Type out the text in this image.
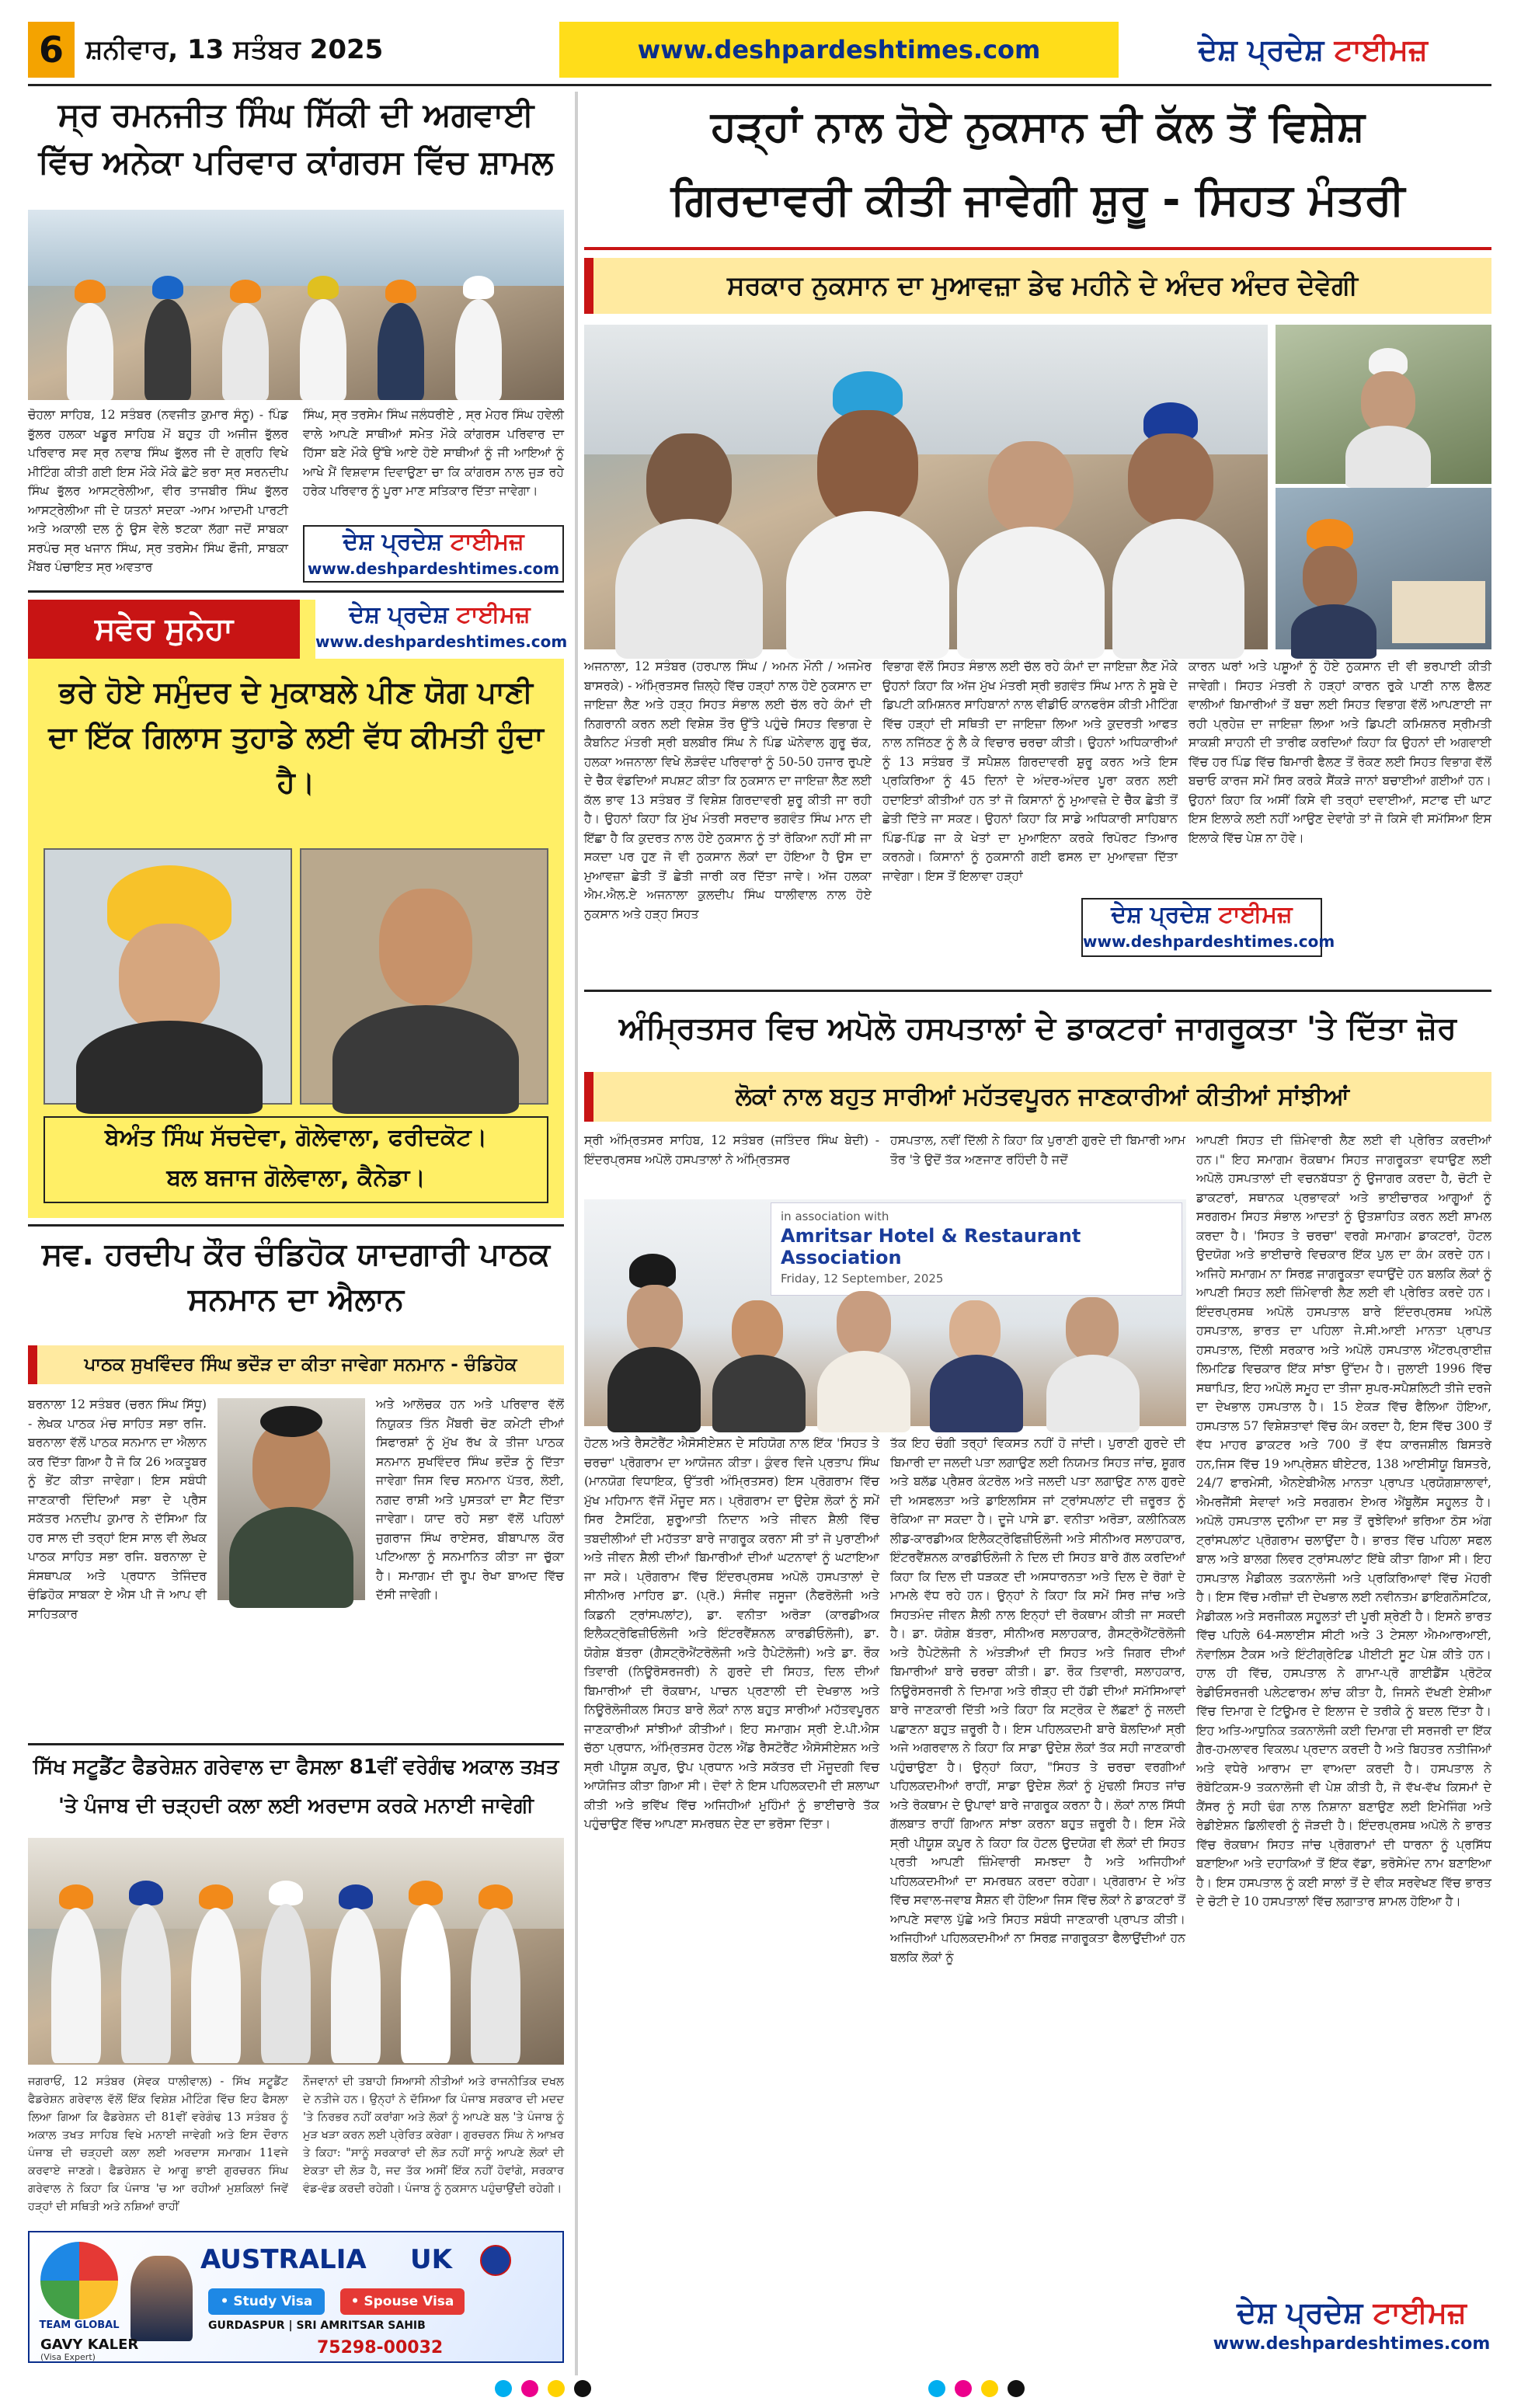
6 ਸ਼ਨੀਵਾਰ, 13 ਸਤੰਬਰ 2025	www.deshpardeshtimes.com	ਦੇਸ਼ ਪ੍ਰਦੇਸ਼ ਟਾਈਮਜ਼
ਸ੍ਰ ਰਮਨਜੀਤ ਸਿੰਘ ਸਿੱਕੀ ਦੀ ਅਗਵਾਈ ਵਿੱਚ ਅਨੇਕਾ ਪਰਿਵਾਰ ਕਾਂਗਰਸ ਵਿੱਚ ਸ਼ਾਮਲ
ਚੋਹਲਾ ਸਾਹਿਬ, 12 ਸਤੰਬਰ (ਨਵਜੀਤ ਕੁਮਾਰ ਸੰਨੂ) - ਪਿੰਡ ਭੁੱਲਰ ਹਲਕਾ ਖਡੂਰ ਸਾਹਿਬ ਮੋਂ ਬਹੁਤ ਹੀ ਅਜੀਜ ਭੁੱਲਰ ਪਰਿਵਾਰ ਸਵ ਸ੍ਰ ਨਵਾਬ ਸਿੰਘ ਭੁੱਲਰ ਜੀ ਦੇ ਗ੍ਰਹਿ ਵਿਖੇ ਮੀਟਿੰਗ ਕੀਤੀ ਗਈ ਇਸ ਮੌਕੇ ਮੌਕੇ ਛੋਟੇ ਭਰਾ ਸ੍ਰ ਸਰਨਦੀਪ ਸਿੰਘ ਭੁੱਲਰ ਆਸਟ੍ਰੇਲੀਆ, ਵੀਰ ਤਾਜਬੀਰ ਸਿੰਘ ਭੁੱਲਰ ਆਸਟ੍ਰੇਲੀਆ ਜੀ ਦੇ ਯਤਨਾਂ ਸਦਕਾ -ਆਮ ਆਦਮੀ ਪਾਰਟੀ ਅਤੇ ਅਕਾਲੀ ਦਲ ਨੂੰ ਉਸ ਵੇਲੇ ਝਟਕਾ ਲੱਗਾ ਜਦੋਂ ਸਾਬਕਾ ਸਰਪੰਚ ਸ੍ਰ ਖਜਾਨ ਸਿੰਘ, ਸ੍ਰ ਤਰਸੇਮ ਸਿੰਘ ਫੌਜੀ, ਸਾਬਕਾ ਮੈਂਬਰ ਪੰਚਾਇਤ ਸ੍ਰ ਅਵਤਾਰ
ਸਿੰਘ, ਸ੍ਰ ਤਰਸੇਮ ਸਿੰਘ ਜਲੰਧਰੀਏ , ਸ੍ਰ ਮੇਹਰ ਸਿੰਘ ਹਵੇਲੀ ਵਾਲੇ ਆਪਣੇ ਸਾਥੀਆਂ ਸਮੇਤ ਮੌਕੇ ਕਾਂਗਰਸ ਪਰਿਵਾਰ ਦਾ ਹਿੱਸਾ ਬਣੇ ਮੌਕੇ ਉੱਥੇ ਆਏ ਹੋਏ ਸਾਥੀਆਂ ਨੂੰ ਜੀ ਆਇਆਂ ਨੂੰ ਆਖੇ ਮੈਂ ਵਿਸ਼ਵਾਸ ਦਿਵਾਉਣਾ ਚਾ ਕਿ ਕਾਂਗਰਸ ਨਾਲ ਜੁੜ ਰਹੇ ਹਰੇਕ ਪਰਿਵਾਰ ਨੂੰ ਪੂਰਾ ਮਾਣ ਸਤਿਕਾਰ ਦਿੱਤਾ ਜਾਵੇਗਾ।
ਦੇਸ਼ ਪ੍ਰਦੇਸ਼ ਟਾਈਮਜ਼
www.deshpardeshtimes.com
ਸਵੇਰ ਸੁਨੇਹਾ	ਦੇਸ਼ ਪ੍ਰਦੇਸ਼ ਟਾਈਮਜ਼
www.deshpardeshtimes.com
ਭਰੇ ਹੋਏ ਸਮੁੰਦਰ ਦੇ ਮੁਕਾਬਲੇ ਪੀਣ ਯੋਗ ਪਾਣੀ ਦਾ ਇੱਕ ਗਿਲਾਸ ਤੁਹਾਡੇ ਲਈ ਵੱਧ ਕੀਮਤੀ ਹੁੰਦਾ ਹੈ।
ਬੇਅੰਤ ਸਿੰਘ ਸੱਚਦੇਵਾ, ਗੋਲੇਵਾਲਾ, ਫਰੀਦਕੋਟ।
ਬਲ ਬਜਾਜ ਗੋਲੇਵਾਲਾ, ਕੈਨੇਡਾ।
ਸਵ. ਹਰਦੀਪ ਕੌਰ ਚੰਡਿਹੋਕ ਯਾਦਗਾਰੀ ਪਾਠਕ ਸਨਮਾਨ ਦਾ ਐਲਾਨ
ਪਾਠਕ ਸੁਖਵਿੰਦਰ ਸਿੰਘ ਭਦੌੜ ਦਾ ਕੀਤਾ ਜਾਵੇਗਾ ਸਨਮਾਨ - ਚੰਡਿਹੋਕ
ਬਰਨਾਲਾ 12 ਸਤੰਬਰ (ਚਰਨ ਸਿੰਘ ਸਿੱਧੂ) - ਲੇਖਕ ਪਾਠਕ ਮੰਚ ਸਾਹਿਤ ਸਭਾ ਰਜਿ. ਬਰਨਾਲਾ ਵੱਲੋਂ ਪਾਠਕ ਸਨਮਾਨ ਦਾ ਐਲਾਨ ਕਰ ਦਿੱਤਾ ਗਿਆ ਹੈ ਜੋ ਕਿ 26 ਅਕਤੂਬਰ ਨੂੰ ਭੇਂਟ ਕੀਤਾ ਜਾਵੇਗਾ। ਇਸ ਸਬੰਧੀ ਜਾਣਕਾਰੀ ਦਿੰਦਿਆਂ ਸਭਾ ਦੇ ਪ੍ਰੈਸ ਸਕੱਤਰ ਮਨਦੀਪ ਕੁਮਾਰ ਨੇ ਦੱਸਿਆ ਕਿ ਹਰ ਸਾਲ ਦੀ ਤਰ੍ਹਾਂ ਇਸ ਸਾਲ ਵੀ ਲੇਖਕ ਪਾਠਕ ਸਾਹਿਤ ਸਭਾ ਰਜਿ. ਬਰਨਾਲਾ ਦੇ ਸੰਸਥਾਪਕ ਅਤੇ ਪ੍ਰਧਾਨ ਤੇਜਿੰਦਰ ਚੰਡਿਹੋਕ ਸਾਬਕਾ ਏ ਐਸ ਪੀ ਜੋ ਆਪ ਵੀ ਸਾਹਿਤਕਾਰ
ਅਤੇ ਆਲੋਚਕ ਹਨ ਅਤੇ ਪਰਿਵਾਰ ਵੱਲੋਂ ਨਿਯੁਕਤ ਤਿੰਨ ਮੈਂਬਰੀ ਚੋਣ ਕਮੇਟੀ ਦੀਆਂ ਸਿਫਾਰਸ਼ਾਂ ਨੂੰ ਮੁੱਖ ਰੱਖ ਕੇ ਤੀਜਾ ਪਾਠਕ ਸਨਮਾਨ ਸੁਖਵਿੰਦਰ ਸਿੰਘ ਭਦੌੜ ਨੂੰ ਦਿੱਤਾ ਜਾਵੇਗਾ ਜਿਸ ਵਿਚ ਸਨਮਾਨ ਪੱਤਰ, ਲੋਈ, ਨਗਦ ਰਾਸ਼ੀ ਅਤੇ ਪੁਸਤਕਾਂ ਦਾ ਸੈੱਟ ਦਿੱਤਾ ਜਾਵੇਗਾ। ਯਾਦ ਰਹੇ ਸਭਾ ਵੱਲੋਂ ਪਹਿਲਾਂ ਜੁਗਰਾਜ ਸਿੰਘ ਰਾਏਸਰ, ਬੀਬਾਪਾਲ ਕੌਰ ਪਟਿਆਲਾ ਨੂੰ ਸਨਮਾਨਿਤ ਕੀਤਾ ਜਾ ਚੁੱਕਾ ਹੈ। ਸਮਾਗਮ ਦੀ ਰੂਪ ਰੇਖਾ ਬਾਅਦ ਵਿੱਚ ਦੱਸੀ ਜਾਵੇਗੀ।
ਸਿੱਖ ਸਟੂਡੈਂਟ ਫੈਡਰੇਸ਼ਨ ਗਰੇਵਾਲ ਦਾ ਫੈਸਲਾ 81ਵੀਂ ਵਰੇਗੰਢ ਅਕਾਲ ਤਖ਼ਤ 'ਤੇ ਪੰਜਾਬ ਦੀ ਚੜ੍ਹਦੀ ਕਲਾ ਲਈ ਅਰਦਾਸ ਕਰਕੇ ਮਨਾਈ ਜਾਵੇਗੀ
ਜਗਰਾਓਂ, 12 ਸਤੰਬਰ (ਸੇਵਕ ਧਾਲੀਵਾਲ) - ਸਿੱਖ ਸਟੂਡੈਂਟ ਫੈਡਰੇਸ਼ਨ ਗਰੇਵਾਲ ਵੱਲੋਂ ਇੱਕ ਵਿਸ਼ੇਸ਼ ਮੀਟਿੰਗ ਵਿੱਚ ਇਹ ਫੈਸਲਾ ਲਿਆ ਗਿਆ ਕਿ ਫੈਡਰੇਸ਼ਨ ਦੀ 81ਵੀਂ ਵਰੇਗੰਢ 13 ਸਤੰਬਰ ਨੂੰ ਅਕਾਲ ਤਖਤ ਸਾਹਿਬ ਵਿਖੇ ਮਨਾਈ ਜਾਵੇਗੀ ਅਤੇ ਇਸ ਦੌਰਾਨ ਪੰਜਾਬ ਦੀ ਚੜ੍ਹਦੀ ਕਲਾ ਲਈ ਅਰਦਾਸ ਸਮਾਗਮ 11ਵਜੇ ਕਰਵਾਏ ਜਾਣਗੇ। ਫੈਡਰੇਸ਼ਨ ਦੇ ਆਗੂ ਭਾਈ ਗੁਰਚਰਨ ਸਿੰਘ ਗਰੇਵਾਲ ਨੇ ਕਿਹਾ ਕਿ ਪੰਜਾਬ 'ਚ ਆ ਰਹੀਆਂ ਮੁਸ਼ਕਿਲਾਂ ਜਿਵੇਂ ਹੜ੍ਹਾਂ ਦੀ ਸਥਿਤੀ ਅਤੇ ਨਸ਼ਿਆਂ ਰਾਹੀਂ
ਨੌਜਵਾਨਾਂ ਦੀ ਤਬਾਹੀ ਸਿਆਸੀ ਨੀਤੀਆਂ ਅਤੇ ਰਾਜਨੀਤਿਕ ਦਖਲ ਦੇ ਨਤੀਜੇ ਹਨ। ਉਨ੍ਹਾਂ ਨੇ ਦੱਸਿਆ ਕਿ ਪੰਜਾਬ ਸਰਕਾਰ ਦੀ ਮਦਦ 'ਤੇ ਨਿਰਭਰ ਨਹੀਂ ਕਰਾਂਗਾ ਅਤੇ ਲੋਕਾਂ ਨੂੰ ਆਪਣੇ ਬਲ 'ਤੇ ਪੰਜਾਬ ਨੂੰ ਮੁੜ ਖੜਾ ਕਰਨ ਲਈ ਪ੍ਰੇਰਿਤ ਕਰੇਗਾ। ਗੁਰਚਰਨ ਸਿੰਘ ਨੇ ਆਖ਼ਰ ਤੇ ਕਿਹਾ: "ਸਾਨੂੰ ਸਰਕਾਰਾਂ ਦੀ ਲੋੜ ਨਹੀਂ ਸਾਨੂੰ ਆਪਣੇ ਲੋਕਾਂ ਦੀ ਏਕਤਾ ਦੀ ਲੋੜ ਹੈ, ਜਦ ਤੱਕ ਅਸੀਂ ਇੱਕ ਨਹੀਂ ਹੋਵਾਂਗੇ, ਸਰਕਾਰ ਵੰਡ-ਵੰਡ ਕਰਦੀ ਰਹੇਗੀ। ਪੰਜਾਬ ਨੂੰ ਨੁਕਸਾਨ ਪਹੁੰਚਾਉਂਦੀ ਰਹੇਗੀ।
TEAM GLOBAL
AUSTRALIA	UK
GAVY KALER
(Visa Expert)
• Study Visa	• Spouse Visa
GURDASPUR | SRI AMRITSAR SAHIB
75298-00032
ਹੜ੍ਹਾਂ ਨਾਲ ਹੋਏ ਨੁਕਸਾਨ ਦੀ ਕੱਲ ਤੋਂ ਵਿਸ਼ੇਸ਼
ਗਿਰਦਾਵਰੀ ਕੀਤੀ ਜਾਵੇਗੀ ਸ਼ੁਰੂ - ਸਿਹਤ ਮੰਤਰੀ
ਸਰਕਾਰ ਨੁਕਸਾਨ ਦਾ ਮੁਆਵਜ਼ਾ ਡੇਢ ਮਹੀਨੇ ਦੇ ਅੰਦਰ ਅੰਦਰ ਦੇਵੇਗੀ
ਅਜਨਾਲਾ, 12 ਸਤੰਬਰ (ਹਰਪਾਲ ਸਿੰਘ / ਅਮਨ ਮੌਨੀ / ਅਜਮੇਰ ਬਾਸਰਕੇ) - ਅੰਮ੍ਰਿਤਸਰ ਜ਼ਿਲ੍ਹੇ ਵਿੱਚ ਹੜ੍ਹਾਂ ਨਾਲ ਹੋਏ ਨੁਕਸਾਨ ਦਾ ਜਾਇਜ਼ਾ ਲੈਣ ਅਤੇ ਹੜ੍ਹ ਸਿਹਤ ਸੰਭਾਲ ਲਈ ਚੱਲ ਰਹੇ ਕੰਮਾਂ ਦੀ ਨਿਗਰਾਨੀ ਕਰਨ ਲਈ ਵਿਸ਼ੇਸ਼ ਤੌਰ ਉੱਤੇ ਪਹੁੰਚੇ ਸਿਹਤ ਵਿਭਾਗ ਦੇ ਕੈਬਨਿਟ ਮੰਤਰੀ ਸ੍ਰੀ ਬਲਬੀਰ ਸਿੰਘ ਨੇ ਪਿੰਡ ਘੋਨੇਵਾਲ ਗੁਰੂ ਚੱਕ, ਹਲਕਾ ਅਜਨਾਲਾ ਵਿਖੇ ਲੋੜਵੰਦ ਪਰਿਵਾਰਾਂ ਨੂੰ 50-50 ਹਜਾਰ ਰੁਪਏ ਦੇ ਚੈੱਕ ਵੰਡਦਿਆਂ ਸਪਸ਼ਟ ਕੀਤਾ ਕਿ ਨੁਕਸਾਨ ਦਾ ਜਾਇਜ਼ਾ ਲੈਣ ਲਈ ਕੱਲ ਭਾਵ 13 ਸਤੰਬਰ ਤੋਂ ਵਿਸ਼ੇਸ਼ ਗਿਰਦਾਵਰੀ ਸ਼ੁਰੂ ਕੀਤੀ ਜਾ ਰਹੀ ਹੈ। ਉਹਨਾਂ ਕਿਹਾ ਕਿ ਮੁੱਖ ਮੰਤਰੀ ਸਰਦਾਰ ਭਗਵੰਤ ਸਿੰਘ ਮਾਨ ਦੀ ਇੱਛਾ ਹੈ ਕਿ ਕੁਦਰਤ ਨਾਲ ਹੋਏ ਨੁਕਸਾਨ ਨੂੰ ਤਾਂ ਰੋਕਿਆ ਨਹੀਂ ਸੀ ਜਾ ਸਕਦਾ ਪਰ ਹੁਣ ਜੋ ਵੀ ਨੁਕਸਾਨ ਲੋਕਾਂ ਦਾ ਹੋਇਆ ਹੈ ਉਸ ਦਾ ਮੁਆਵਜ਼ਾ ਛੇਤੀ ਤੋਂ ਛੇਤੀ ਜਾਰੀ ਕਰ ਦਿੱਤਾ ਜਾਵੇ। ਅੱਜ ਹਲਕਾ ਐਮ.ਐਲ.ਏ ਅਜਨਾਲਾ ਕੁਲਦੀਪ ਸਿੰਘ ਧਾਲੀਵਾਲ ਨਾਲ ਹੋਏ ਨੁਕਸਾਨ ਅਤੇ ਹੜ੍ਹ ਸਿਹਤ
ਵਿਭਾਗ ਵੱਲੋਂ ਸਿਹਤ ਸੰਭਾਲ ਲਈ ਚੱਲ ਰਹੇ ਕੰਮਾਂ ਦਾ ਜਾਇਜ਼ਾ ਲੈਣ ਮੌਕੇ ਉਹਨਾਂ ਕਿਹਾ ਕਿ ਅੱਜ ਮੁੱਖ ਮੰਤਰੀ ਸ੍ਰੀ ਭਗਵੰਤ ਸਿੰਘ ਮਾਨ ਨੇ ਸੂਬੇ ਦੇ ਡਿਪਟੀ ਕਮਿਸ਼ਨਰ ਸਾਹਿਬਾਨਾਂ ਨਾਲ ਵੀਡੀਓ ਕਾਨਫਰੰਸ ਕੀਤੀ ਮੀਟਿੰਗ ਵਿੱਚ ਹੜ੍ਹਾਂ ਦੀ ਸਥਿਤੀ ਦਾ ਜਾਇਜ਼ਾ ਲਿਆ ਅਤੇ ਕੁਦਰਤੀ ਆਫਤ ਨਾਲ ਨਜਿੱਠਣ ਨੂੰ ਲੈ ਕੇ ਵਿਚਾਰ ਚਰਚਾ ਕੀਤੀ। ਉਹਨਾਂ ਅਧਿਕਾਰੀਆਂ ਨੂੰ 13 ਸਤੰਬਰ ਤੋਂ ਸਪੈਸ਼ਲ ਗਿਰਦਾਵਰੀ ਸ਼ੁਰੂ ਕਰਨ ਅਤੇ ਇਸ ਪ੍ਰਕਿਰਿਆ ਨੂੰ 45 ਦਿਨਾਂ ਦੇ ਅੰਦਰ-ਅੰਦਰ ਪੂਰਾ ਕਰਨ ਲਈ ਹਦਾਇਤਾਂ ਕੀਤੀਆਂ ਹਨ ਤਾਂ ਜੋ ਕਿਸਾਨਾਂ ਨੂੰ ਮੁਆਵਜ਼ੇ ਦੇ ਚੈੱਕ ਛੇਤੀ ਤੋਂ ਛੇਤੀ ਦਿੱਤੇ ਜਾ ਸਕਣ। ਉਹਨਾਂ ਕਿਹਾ ਕਿ ਸਾਡੇ ਅਧਿਕਾਰੀ ਸਾਹਿਬਾਨ ਪਿੰਡ-ਪਿੰਡ ਜਾ ਕੇ ਖੇਤਾਂ ਦਾ ਮੁਆਇਨਾ ਕਰਕੇ ਰਿਪੋਰਟ ਤਿਆਰ ਕਰਨਗੇ। ਕਿਸਾਨਾਂ ਨੂੰ ਨੁਕਸਾਨੀ ਗਈ ਫਸਲ ਦਾ ਮੁਆਵਜ਼ਾ ਦਿੱਤਾ ਜਾਵੇਗਾ। ਇਸ ਤੋਂ ਇਲਾਵਾ ਹੜ੍ਹਾਂ
ਕਾਰਨ ਘਰਾਂ ਅਤੇ ਪਸ਼ੂਆਂ ਨੂੰ ਹੋਏ ਨੁਕਸਾਨ ਦੀ ਵੀ ਭਰਪਾਈ ਕੀਤੀ ਜਾਵੇਗੀ। ਸਿਹਤ ਮੰਤਰੀ ਨੇ ਹੜ੍ਹਾਂ ਕਾਰਨ ਰੁਕੇ ਪਾਣੀ ਨਾਲ ਫੈਲਣ ਵਾਲੀਆਂ ਬਿਮਾਰੀਆਂ ਤੋਂ ਬਚਾ ਲਈ ਸਿਹਤ ਵਿਭਾਗ ਵੱਲੋਂ ਆਪਣਾਈ ਜਾ ਰਹੀ ਪ੍ਰਹੇਜ਼ ਦਾ ਜਾਇਜ਼ਾ ਲਿਆ ਅਤੇ ਡਿਪਟੀ ਕਮਿਸ਼ਨਰ ਸ੍ਰੀਮਤੀ ਸਾਕਸ਼ੀ ਸਾਹਨੀ ਦੀ ਤਾਰੀਫ ਕਰਦਿਆਂ ਕਿਹਾ ਕਿ ਉਹਨਾਂ ਦੀ ਅਗਵਾਈ ਵਿੱਚ ਹਰ ਪਿੰਡ ਵਿੱਚ ਬਿਮਾਰੀ ਫੈਲਣ ਤੋਂ ਰੋਕਣ ਲਈ ਸਿਹਤ ਵਿਭਾਗ ਵੱਲੋਂ ਬਚਾਓ ਕਾਰਜ ਸਮੇਂ ਸਿਰ ਕਰਕੇ ਸੈਂਕੜੇ ਜਾਨਾਂ ਬਚਾਈਆਂ ਗਈਆਂ ਹਨ। ਉਹਨਾਂ ਕਿਹਾ ਕਿ ਅਸੀਂ ਕਿਸੇ ਵੀ ਤਰ੍ਹਾਂ ਦਵਾਈਆਂ, ਸਟਾਫ ਦੀ ਘਾਟ ਇਸ ਇਲਾਕੇ ਲਈ ਨਹੀਂ ਆਉਣ ਦੇਵਾਂਗੇ ਤਾਂ ਜੋ ਕਿਸੇ ਵੀ ਸਮੱਸਿਆ ਇਸ ਇਲਾਕੇ ਵਿੱਚ ਪੇਸ਼ ਨਾ ਹੋਵੇ।
ਦੇਸ਼ ਪ੍ਰਦੇਸ਼ ਟਾਈਮਜ਼
www.deshpardeshtimes.com
ਅੰਮ੍ਰਿਤਸਰ ਵਿਚ ਅਪੋਲੋ ਹਸਪਤਾਲਾਂ ਦੇ ਡਾਕਟਰਾਂ ਜਾਗਰੂਕਤਾ 'ਤੇ ਦਿੱਤਾ ਜ਼ੋਰ
ਲੋਕਾਂ ਨਾਲ ਬਹੁਤ ਸਾਰੀਆਂ ਮਹੱਤਵਪੂਰਨ ਜਾਣਕਾਰੀਆਂ ਕੀਤੀਆਂ ਸਾਂਝੀਆਂ
ਸ੍ਰੀ ਅੰਮ੍ਰਿਤਸਰ ਸਾਹਿਬ, 12 ਸਤੰਬਰ (ਜਤਿੰਦਰ ਸਿੰਘ ਬੇਦੀ) - ਇੰਦਰਪ੍ਰਸਥ ਅਪੋਲੋ ਹਸਪਤਾਲਾਂ ਨੇ ਅੰਮ੍ਰਿਤਸਰ
ਹਸਪਤਾਲ, ਨਵੀਂ ਦਿੱਲੀ ਨੇ ਕਿਹਾ ਕਿ ਪੁਰਾਣੀ ਗੁਰਦੇ ਦੀ ਬਿਮਾਰੀ ਆਮ ਤੌਰ 'ਤੇ ਉਦੋਂ ਤੱਕ ਅਣਜਾਣ ਰਹਿੰਦੀ ਹੈ ਜਦੋਂ
in association with
Amritsar Hotel & Restaurant Association
Friday, 12 September, 2025
ਹੋਟਲ ਅਤੇ ਰੈਸਟੋਰੈਂਟ ਐਸੋਸੀਏਸ਼ਨ ਦੇ ਸਹਿਯੋਗ ਨਾਲ ਇੱਕ 'ਸਿਹਤ ਤੇ ਚਰਚਾ' ਪ੍ਰੋਗਰਾਮ ਦਾ ਆਯੋਜਨ ਕੀਤਾ। ਕੁੰਵਰ ਵਿਜੇ ਪ੍ਰਤਾਪ ਸਿੰਘ (ਮਾਨਯੋਗ ਵਿਧਾਇਕ, ਉੱਤਰੀ ਅੰਮ੍ਰਿਤਸਰ) ਇਸ ਪ੍ਰੋਗਰਾਮ ਵਿੱਚ ਮੁੱਖ ਮਹਿਮਾਨ ਵੱਜੋਂ ਮੌਜੂਦ ਸਨ। ਪ੍ਰੋਗਰਾਮ ਦਾ ਉਦੇਸ਼ ਲੋਕਾਂ ਨੂੰ ਸਮੇਂ ਸਿਰ ਟੈਸਟਿੰਗ, ਸ਼ੁਰੂਆਤੀ ਨਿਦਾਨ ਅਤੇ ਜੀਵਨ ਸ਼ੈਲੀ ਵਿੱਚ ਤਬਦੀਲੀਆਂ ਦੀ ਮਹੱਤਤਾ ਬਾਰੇ ਜਾਗਰੂਕ ਕਰਨਾ ਸੀ ਤਾਂ ਜੋ ਪੁਰਾਣੀਆਂ ਅਤੇ ਜੀਵਨ ਸ਼ੈਲੀ ਦੀਆਂ ਬਿਮਾਰੀਆਂ ਦੀਆਂ ਘਟਨਾਵਾਂ ਨੂੰ ਘਟਾਇਆ ਜਾ ਸਕੇ। ਪ੍ਰੋਗਰਾਮ ਵਿੱਚ ਇੰਦਰਪ੍ਰਸਥ ਅਪੋਲੋ ਹਸਪਤਾਲਾਂ ਦੇ ਸੀਨੀਅਰ ਮਾਹਿਰ ਡਾ. (ਪ੍ਰੋ.) ਸੰਜੀਵ ਜਸੂਜਾ (ਨੈਫਰੋਲੋਜੀ ਅਤੇ ਕਿਡਨੀ ਟ੍ਰਾਂਸਪਲਾਂਟ), ਡਾ. ਵਨੀਤਾ ਅਰੋੜਾ (ਕਾਰਡੀਅਕ ਇਲੈਕਟ੍ਰੋਫਿਜ਼ੀਓਲੋਜੀ ਅਤੇ ਇੰਟਰਵੈਂਸ਼ਨਲ ਕਾਰਡੀਓਲੋਜੀ), ਡਾ. ਯੋਗੇਸ਼ ਬੱਤਰਾ (ਗੈਸਟ੍ਰੋਐਂਟਰੋਲੋਜੀ ਅਤੇ ਹੈਪੇਟੋਲੋਜੀ) ਅਤੇ ਡਾ. ਰੌਕ ਤਿਵਾਰੀ (ਨਿਊਰੋਸਰਜਰੀ) ਨੇ ਗੁਰਦੇ ਦੀ ਸਿਹਤ, ਦਿਲ ਦੀਆਂ ਬਿਮਾਰੀਆਂ ਦੀ ਰੋਕਥਾਮ, ਪਾਚਨ ਪ੍ਰਣਾਲੀ ਦੀ ਦੇਖਭਾਲ ਅਤੇ ਨਿਊਰੋਲੋਜੀਕਲ ਸਿਹਤ ਬਾਰੇ ਲੋਕਾਂ ਨਾਲ ਬਹੁਤ ਸਾਰੀਆਂ ਮਹੱਤਵਪੂਰਨ ਜਾਣਕਾਰੀਆਂ ਸਾਂਝੀਆਂ ਕੀਤੀਆਂ। ਇਹ ਸਮਾਗਮ ਸ੍ਰੀ ਏ.ਪੀ.ਐਸ ਚੱਠਾ ਪ੍ਰਧਾਨ, ਅੰਮ੍ਰਿਤਸਰ ਹੋਟਲ ਐਂਡ ਰੈਸਟੋਰੈਂਟ ਐਸੋਸੀਏਸ਼ਨ ਅਤੇ ਸ੍ਰੀ ਪੀਯੂਸ਼ ਕਪੂਰ, ਉਪ ਪ੍ਰਧਾਨ ਅਤੇ ਸਕੱਤਰ ਦੀ ਮੌਜੂਦਗੀ ਵਿਚ ਆਯੋਜਿਤ ਕੀਤਾ ਗਿਆ ਸੀ। ਦੋਵਾਂ ਨੇ ਇਸ ਪਹਿਲਕਦਮੀ ਦੀ ਸ਼ਲਾਘਾ ਕੀਤੀ ਅਤੇ ਭਵਿੱਖ ਵਿੱਚ ਅਜਿਹੀਆਂ ਮੁਹਿੰਮਾਂ ਨੂੰ ਭਾਈਚਾਰੇ ਤੱਕ ਪਹੁੰਚਾਉਣ ਵਿੱਚ ਆਪਣਾ ਸਮਰਥਨ ਦੇਣ ਦਾ ਭਰੋਸਾ ਦਿੱਤਾ।
ਤੱਕ ਇਹ ਚੰਗੀ ਤਰ੍ਹਾਂ ਵਿਕਸਤ ਨਹੀਂ ਹੋ ਜਾਂਦੀ। ਪੁਰਾਣੀ ਗੁਰਦੇ ਦੀ ਬਿਮਾਰੀ ਦਾ ਜਲਦੀ ਪਤਾ ਲਗਾਉਣ ਲਈ ਨਿਯਮਤ ਸਿਹਤ ਜਾਂਚ, ਸ਼ੂਗਰ ਅਤੇ ਬਲੱਡ ਪ੍ਰੈਸ਼ਰ ਕੰਟਰੋਲ ਅਤੇ ਜਲਦੀ ਪਤਾ ਲਗਾਉਣ ਨਾਲ ਗੁਰਦੇ ਦੀ ਅਸਫਲਤਾ ਅਤੇ ਡਾਇਲਸਿਸ ਜਾਂ ਟ੍ਰਾਂਸਪਲਾਂਟ ਦੀ ਜ਼ਰੂਰਤ ਨੂੰ ਰੋਕਿਆ ਜਾ ਸਕਦਾ ਹੈ। ਦੂਜੇ ਪਾਸੇ ਡਾ. ਵਨੀਤਾ ਅਰੋੜਾ, ਕਲੀਨਿਕਲ ਲੀਡ-ਕਾਰਡੀਅਕ ਇਲੈਕਟ੍ਰੋਫਿਜ਼ੀਓਲੋਜੀ ਅਤੇ ਸੀਨੀਅਰ ਸਲਾਹਕਾਰ, ਇੰਟਰਵੈਂਸ਼ਨਲ ਕਾਰਡੀਓਲੋਜੀ ਨੇ ਦਿਲ ਦੀ ਸਿਹਤ ਬਾਰੇ ਗੱਲ ਕਰਦਿਆਂ ਕਿਹਾ ਕਿ ਦਿਲ ਦੀ ਧੜਕਣ ਦੀ ਅਸਧਾਰਨਤਾ ਅਤੇ ਦਿਲ ਦੇ ਰੋਗਾਂ ਦੇ ਮਾਮਲੇ ਵੱਧ ਰਹੇ ਹਨ। ਉਨ੍ਹਾਂ ਨੇ ਕਿਹਾ ਕਿ ਸਮੇਂ ਸਿਰ ਜਾਂਚ ਅਤੇ ਸਿਹਤਮੰਦ ਜੀਵਨ ਸ਼ੈਲੀ ਨਾਲ ਇਨ੍ਹਾਂ ਦੀ ਰੋਕਥਾਮ ਕੀਤੀ ਜਾ ਸਕਦੀ ਹੈ। ਡਾ. ਯੋਗੇਸ਼ ਬੱਤਰਾ, ਸੀਨੀਅਰ ਸਲਾਹਕਾਰ, ਗੈਸਟ੍ਰੋਐਂਟਰੋਲੋਜੀ ਅਤੇ ਹੈਪੇਟੋਲੋਜੀ ਨੇ ਅੰਤੜੀਆਂ ਦੀ ਸਿਹਤ ਅਤੇ ਜਿਗਰ ਦੀਆਂ ਬਿਮਾਰੀਆਂ ਬਾਰੇ ਚਰਚਾ ਕੀਤੀ। ਡਾ. ਰੌਕ ਤਿਵਾਰੀ, ਸਲਾਹਕਾਰ, ਨਿਊਰੋਸਰਜਰੀ ਨੇ ਦਿਮਾਗ ਅਤੇ ਰੀੜ੍ਹ ਦੀ ਹੱਡੀ ਦੀਆਂ ਸਮੱਸਿਆਵਾਂ ਬਾਰੇ ਜਾਣਕਾਰੀ ਦਿੱਤੀ ਅਤੇ ਕਿਹਾ ਕਿ ਸਟ੍ਰੋਕ ਦੇ ਲੱਛਣਾਂ ਨੂੰ ਜਲਦੀ ਪਛਾਣਨਾ ਬਹੁਤ ਜ਼ਰੂਰੀ ਹੈ। ਇਸ ਪਹਿਲਕਦਮੀ ਬਾਰੇ ਬੋਲਦਿਆਂ ਸ੍ਰੀ ਅਜੇ ਅਗਰਵਾਲ ਨੇ ਕਿਹਾ ਕਿ ਸਾਡਾ ਉਦੇਸ਼ ਲੋਕਾਂ ਤੱਕ ਸਹੀ ਜਾਣਕਾਰੀ ਪਹੁੰਚਾਉਣਾ ਹੈ। ਉਨ੍ਹਾਂ ਕਿਹਾ, "ਸਿਹਤ ਤੇ ਚਰਚਾ ਵਰਗੀਆਂ ਪਹਿਲਕਦਮੀਆਂ ਰਾਹੀਂ, ਸਾਡਾ ਉਦੇਸ਼ ਲੋਕਾਂ ਨੂੰ ਮੁੱਢਲੀ ਸਿਹਤ ਜਾਂਚ ਅਤੇ ਰੋਕਥਾਮ ਦੇ ਉਪਾਵਾਂ ਬਾਰੇ ਜਾਗਰੂਕ ਕਰਨਾ ਹੈ। ਲੋਕਾਂ ਨਾਲ ਸਿੱਧੀ ਗੱਲਬਾਤ ਰਾਹੀਂ ਗਿਆਨ ਸਾਂਝਾ ਕਰਨਾ ਬਹੁਤ ਜ਼ਰੂਰੀ ਹੈ। ਇਸ ਮੌਕੇ ਸ੍ਰੀ ਪੀਯੂਸ਼ ਕਪੂਰ ਨੇ ਕਿਹਾ ਕਿ ਹੋਟਲ ਉਦਯੋਗ ਵੀ ਲੋਕਾਂ ਦੀ ਸਿਹਤ ਪ੍ਰਤੀ ਆਪਣੀ ਜ਼ਿੰਮੇਵਾਰੀ ਸਮਝਦਾ ਹੈ ਅਤੇ ਅਜਿਹੀਆਂ ਪਹਿਲਕਦਮੀਆਂ ਦਾ ਸਮਰਥਨ ਕਰਦਾ ਰਹੇਗਾ। ਪ੍ਰੋਗਰਾਮ ਦੇ ਅੰਤ ਵਿੱਚ ਸਵਾਲ-ਜਵਾਬ ਸੈਸ਼ਨ ਵੀ ਹੋਇਆ ਜਿਸ ਵਿੱਚ ਲੋਕਾਂ ਨੇ ਡਾਕਟਰਾਂ ਤੋਂ ਆਪਣੇ ਸਵਾਲ ਪੁੱਛੇ ਅਤੇ ਸਿਹਤ ਸਬੰਧੀ ਜਾਣਕਾਰੀ ਪ੍ਰਾਪਤ ਕੀਤੀ। ਅਜਿਹੀਆਂ ਪਹਿਲਕਦਮੀਆਂ ਨਾ ਸਿਰਫ਼ ਜਾਗਰੂਕਤਾ ਫੈਲਾਉਂਦੀਆਂ ਹਨ ਬਲਕਿ ਲੋਕਾਂ ਨੂੰ
ਆਪਣੀ ਸਿਹਤ ਦੀ ਜ਼ਿੰਮੇਵਾਰੀ ਲੈਣ ਲਈ ਵੀ ਪ੍ਰੇਰਿਤ ਕਰਦੀਆਂ ਹਨ।" ਇਹ ਸਮਾਗਮ ਰੋਕਥਾਮ ਸਿਹਤ ਜਾਗਰੂਕਤਾ ਵਧਾਉਣ ਲਈ ਅਪੋਲੋ ਹਸਪਤਾਲਾਂ ਦੀ ਵਚਨਬੱਧਤਾ ਨੂੰ ਉਜਾਗਰ ਕਰਦਾ ਹੈ, ਚੋਟੀ ਦੇ ਡਾਕਟਰਾਂ, ਸਥਾਨਕ ਪ੍ਰਭਾਵਕਾਂ ਅਤੇ ਭਾਈਚਾਰਕ ਆਗੂਆਂ ਨੂੰ ਸਰਗਰਮ ਸਿਹਤ ਸੰਭਾਲ ਆਦਤਾਂ ਨੂੰ ਉਤਸ਼ਾਹਿਤ ਕਰਨ ਲਈ ਸ਼ਾਮਲ ਕਰਦਾ ਹੈ। 'ਸਿਹਤ ਤੇ ਚਰਚਾ' ਵਰਗੇ ਸਮਾਗਮ ਡਾਕਟਰਾਂ, ਹੋਟਲ ਉਦਯੋਗ ਅਤੇ ਭਾਈਚਾਰੇ ਵਿਚਕਾਰ ਇੱਕ ਪੁਲ ਦਾ ਕੰਮ ਕਰਦੇ ਹਨ। ਅਜਿਹੇ ਸਮਾਗਮ ਨਾ ਸਿਰਫ਼ ਜਾਗਰੂਕਤਾ ਵਧਾਉਂਦੇ ਹਨ ਬਲਕਿ ਲੋਕਾਂ ਨੂੰ ਆਪਣੀ ਸਿਹਤ ਲਈ ਜ਼ਿੰਮੇਵਾਰੀ ਲੈਣ ਲਈ ਵੀ ਪ੍ਰੇਰਿਤ ਕਰਦੇ ਹਨ। ਇੰਦਰਪ੍ਰਸਥ ਅਪੋਲੋ ਹਸਪਤਾਲ ਬਾਰੇ ਇੰਦਰਪ੍ਰਸਥ ਅਪੋਲੋ ਹਸਪਤਾਲ, ਭਾਰਤ ਦਾ ਪਹਿਲਾ ਜੇ.ਸੀ.ਆਈ ਮਾਨਤਾ ਪ੍ਰਾਪਤ ਹਸਪਤਾਲ, ਦਿੱਲੀ ਸਰਕਾਰ ਅਤੇ ਅਪੋਲੋ ਹਸਪਤਾਲ ਐਂਟਰਪ੍ਰਾਈਜ਼ ਲਿਮਟਿਡ ਵਿਚਕਾਰ ਇੱਕ ਸਾਂਝਾ ਉੱਦਮ ਹੈ। ਜੁਲਾਈ 1996 ਵਿੱਚ ਸਥਾਪਿਤ, ਇਹ ਅਪੋਲੋ ਸਮੂਹ ਦਾ ਤੀਜਾ ਸੁਪਰ-ਸਪੈਸ਼ਲਿਟੀ ਤੀਜੇ ਦਰਜੇ ਦਾ ਦੇਖਭਾਲ ਹਸਪਤਾਲ ਹੈ। 15 ਏਕੜ ਵਿੱਚ ਫੈਲਿਆ ਹੋਇਆ, ਹਸਪਤਾਲ 57 ਵਿਸ਼ੇਸ਼ਤਾਵਾਂ ਵਿੱਚ ਕੰਮ ਕਰਦਾ ਹੈ, ਇਸ ਵਿੱਚ 300 ਤੋਂ ਵੱਧ ਮਾਹਰ ਡਾਕਟਰ ਅਤੇ 700 ਤੋਂ ਵੱਧ ਕਾਰਜਸ਼ੀਲ ਬਿਸਤਰੇ ਹਨ,ਜਿਸ ਵਿੱਚ 19 ਆਪ੍ਰੇਸ਼ਨ ਥੀਏਟਰ, 138 ਆਈਸੀਯੂ ਬਿਸਤਰੇ, 24/7 ਫਾਰਮੇਸੀ, ਐਨਏਬੀਐਲ ਮਾਨਤਾ ਪ੍ਰਾਪਤ ਪ੍ਰਯੋਗਸ਼ਾਲਾਵਾਂ, ਐਮਰਜੈਂਸੀ ਸੇਵਾਵਾਂ ਅਤੇ ਸਰਗਰਮ ਏਅਰ ਐਂਬੂਲੈਂਸ ਸਹੂਲਤ ਹੈ। ਅਪੋਲੋ ਹਸਪਤਾਲ ਦੁਨੀਆ ਦਾ ਸਭ ਤੋਂ ਰੁਝੇਵਿਆਂ ਭਰਿਆ ਠੋਸ ਅੰਗ ਟ੍ਰਾਂਸਪਲਾਂਟ ਪ੍ਰੋਗਰਾਮ ਚਲਾਉਂਦਾ ਹੈ। ਭਾਰਤ ਵਿੱਚ ਪਹਿਲਾ ਸਫਲ ਬਾਲ ਅਤੇ ਬਾਲਗ ਲਿਵਰ ਟ੍ਰਾਂਸਪਲਾਂਟ ਇੱਥੇ ਕੀਤਾ ਗਿਆ ਸੀ। ਇਹ ਹਸਪਤਾਲ ਮੈਡੀਕਲ ਤਕਨਾਲੋਜੀ ਅਤੇ ਪ੍ਰਕਿਰਿਆਵਾਂ ਵਿੱਚ ਮੋਹਰੀ ਹੈ। ਇਸ ਵਿੱਚ ਮਰੀਜ਼ਾਂ ਦੀ ਦੇਖਭਾਲ ਲਈ ਨਵੀਨਤਮ ਡਾਇਗਨੌਸਟਿਕ, ਮੈਡੀਕਲ ਅਤੇ ਸਰਜੀਕਲ ਸਹੂਲਤਾਂ ਦੀ ਪੂਰੀ ਸ਼੍ਰੇਣੀ ਹੈ। ਇਸਨੇ ਭਾਰਤ ਵਿੱਚ ਪਹਿਲੇ 64-ਸਲਾਈਸ ਸੀਟੀ ਅਤੇ 3 ਟੇਸਲਾ ਐਮਆਰਆਈ, ਨੋਵਾਲਿਸ ਟੈਕਸ ਅਤੇ ਇੰਟੀਗ੍ਰੇਟਿਡ ਪੀਈਟੀ ਸੂਟ ਪੇਸ਼ ਕੀਤੇ ਹਨ। ਹਾਲ ਹੀ ਵਿੱਚ, ਹਸਪਤਾਲ ਨੇ ਗਾਮਾ-ਪ੍ਰੋ ਗਾਈਡੈਂਸ ਪ੍ਰੋਟੋਕ ਰੇਡੀਓਸਰਜਰੀ ਪਲੇਟਫਾਰਮ ਲਾਂਚ ਕੀਤਾ ਹੈ, ਜਿਸਨੇ ਦੱਖਣੀ ਏਸ਼ੀਆ ਵਿੱਚ ਦਿਮਾਗ ਦੇ ਟਿਊਮਰ ਦੇ ਇਲਾਜ ਦੇ ਤਰੀਕੇ ਨੂੰ ਬਦਲ ਦਿੱਤਾ ਹੈ। ਇਹ ਅਤਿ-ਆਧੁਨਿਕ ਤਕਨਾਲੋਜੀ ਕਈ ਦਿਮਾਗ ਦੀ ਸਰਜਰੀ ਦਾ ਇੱਕ ਗੈਰ-ਹਮਲਾਵਰ ਵਿਕਲਪ ਪ੍ਰਦਾਨ ਕਰਦੀ ਹੈ ਅਤੇ ਬਿਹਤਰ ਨਤੀਜਿਆਂ ਅਤੇ ਵਧੇਰੇ ਆਰਾਮ ਦਾ ਵਾਅਦਾ ਕਰਦੀ ਹੈ। ਹਸਪਤਾਲ ਨੇ ਰੋਬੋਟਿਕਸ-9 ਤਕਨਾਲੋਜੀ ਵੀ ਪੇਸ਼ ਕੀਤੀ ਹੈ, ਜੋ ਵੱਖ-ਵੱਖ ਕਿਸਮਾਂ ਦੇ ਕੈਂਸਰ ਨੂੰ ਸਹੀ ਢੰਗ ਨਾਲ ਨਿਸ਼ਾਨਾ ਬਣਾਉਣ ਲਈ ਇਮੇਜਿੰਗ ਅਤੇ ਰੇਡੀਏਸ਼ਨ ਡਿਲੀਵਰੀ ਨੂੰ ਜੋੜਦੀ ਹੈ। ਇੰਦਰਪ੍ਰਸਥ ਅਪੋਲੋ ਨੇ ਭਾਰਤ ਵਿੱਚ ਰੋਕਥਾਮ ਸਿਹਤ ਜਾਂਚ ਪ੍ਰੋਗਰਾਮਾਂ ਦੀ ਧਾਰਨਾ ਨੂੰ ਪ੍ਰਸਿੱਧ ਬਣਾਇਆ ਅਤੇ ਦਹਾਕਿਆਂ ਤੋਂ ਇੱਕ ਵੱਡਾ, ਭਰੋਸੇਮੰਦ ਨਾਮ ਬਣਾਇਆ ਹੈ। ਇਸ ਹਸਪਤਾਲ ਨੂੰ ਕਈ ਸਾਲਾਂ ਤੋਂ ਦੇ ਵੀਕ ਸਰਵੇਖਣ ਵਿੱਚ ਭਾਰਤ ਦੇ ਚੋਟੀ ਦੇ 10 ਹਸਪਤਾਲਾਂ ਵਿੱਚ ਲਗਾਤਾਰ ਸ਼ਾਮਲ ਹੋਇਆ ਹੈ।
ਦੇਸ਼ ਪ੍ਰਦੇਸ਼ ਟਾਈਮਜ਼
www.deshpardeshtimes.com
